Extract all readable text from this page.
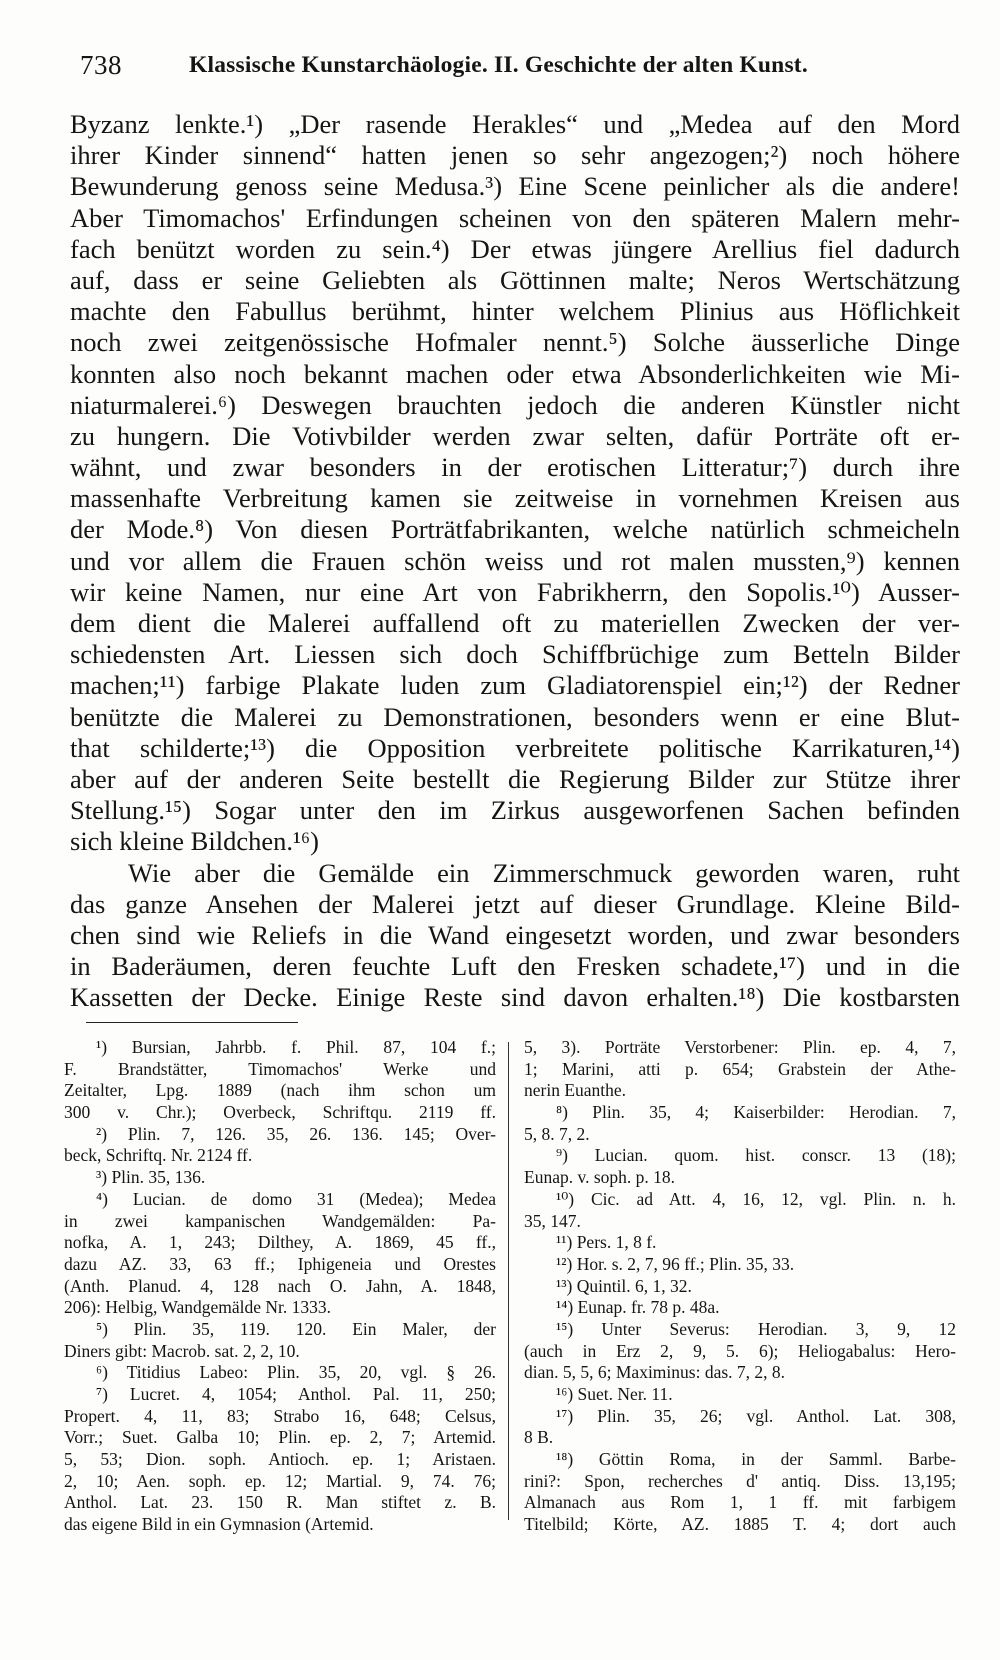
738	Klassische Kunstarchäologie. II. Geschichte der alten Kunst.
Byzanz lenkte.¹) „Der rasende Herakles“ und „Medea auf den Mord
ihrer Kinder sinnend“ hatten jenen so sehr angezogen;²) noch höhere
Bewunderung genoss seine Medusa.³) Eine Scene peinlicher als die andere!
Aber Timomachos' Erfindungen scheinen von den späteren Malern mehr-
fach benützt worden zu sein.⁴) Der etwas jüngere Arellius fiel dadurch
auf, dass er seine Geliebten als Göttinnen malte; Neros Wertschätzung
machte den Fabullus berühmt, hinter welchem Plinius aus Höflichkeit
noch zwei zeitgenössische Hofmaler nennt.⁵) Solche äusserliche Dinge
konnten also noch bekannt machen oder etwa Absonderlichkeiten wie Mi-
niaturmalerei.⁶) Deswegen brauchten jedoch die anderen Künstler nicht
zu hungern. Die Votivbilder werden zwar selten, dafür Porträte oft er-
wähnt, und zwar besonders in der erotischen Litteratur;⁷) durch ihre
massenhafte Verbreitung kamen sie zeitweise in vornehmen Kreisen aus
der Mode.⁸) Von diesen Porträtfabrikanten, welche natürlich schmeicheln
und vor allem die Frauen schön weiss und rot malen mussten,⁹) kennen
wir keine Namen, nur eine Art von Fabrikherrn, den Sopolis.¹⁰) Ausser-
dem dient die Malerei auffallend oft zu materiellen Zwecken der ver-
schiedensten Art. Liessen sich doch Schiffbrüchige zum Betteln Bilder
machen;¹¹) farbige Plakate luden zum Gladiatorenspiel ein;¹²) der Redner
benützte die Malerei zu Demonstrationen, besonders wenn er eine Blut-
that schilderte;¹³) die Opposition verbreitete politische Karrikaturen,¹⁴)
aber auf der anderen Seite bestellt die Regierung Bilder zur Stütze ihrer
Stellung.¹⁵) Sogar unter den im Zirkus ausgeworfenen Sachen befinden
sich kleine Bildchen.¹⁶)
Wie aber die Gemälde ein Zimmerschmuck geworden waren, ruht
das ganze Ansehen der Malerei jetzt auf dieser Grundlage. Kleine Bild-
chen sind wie Reliefs in die Wand eingesetzt worden, und zwar besonders
in Baderäumen, deren feuchte Luft den Fresken schadete,¹⁷) und in die
Kassetten der Decke. Einige Reste sind davon erhalten.¹⁸) Die kostbarsten
¹) Bursian, Jahrbb. f. Phil. 87, 104 f.;
F. Brandstätter, Timomachos' Werke und
Zeitalter, Lpg. 1889 (nach ihm schon um
300 v. Chr.); Overbeck, Schriftqu. 2119 ff.
²) Plin. 7, 126. 35, 26. 136. 145; Over-
beck, Schriftq. Nr. 2124 ff.
³) Plin. 35, 136.
⁴) Lucian. de domo 31 (Medea); Medea
in zwei kampanischen Wandgemälden: Pa-
nofka, A. 1, 243; Dilthey, A. 1869, 45 ff.,
dazu AZ. 33, 63 ff.; Iphigeneia und Orestes
(Anth. Planud. 4, 128 nach O. Jahn, A. 1848,
206): Helbig, Wandgemälde Nr. 1333.
⁵) Plin. 35, 119. 120. Ein Maler, der
Diners gibt: Macrob. sat. 2, 2, 10.
⁶) Titidius Labeo: Plin. 35, 20, vgl. § 26.
⁷) Lucret. 4, 1054; Anthol. Pal. 11, 250;
Propert. 4, 11, 83; Strabo 16, 648; Celsus,
Vorr.; Suet. Galba 10; Plin. ep. 2, 7; Artemid.
5, 53; Dion. soph. Antioch. ep. 1; Aristaen.
2, 10; Aen. soph. ep. 12; Martial. 9, 74. 76;
Anthol. Lat. 23. 150 R. Man stiftet z. B.
das eigene Bild in ein Gymnasion (Artemid.
5, 3). Porträte Verstorbener: Plin. ep. 4, 7,
1; Marini, atti p. 654; Grabstein der Athe-
nerin Euanthe.
⁸) Plin. 35, 4; Kaiserbilder: Herodian. 7,
5, 8. 7, 2.
⁹) Lucian. quom. hist. conscr. 13 (18);
Eunap. v. soph. p. 18.
¹⁰) Cic. ad Att. 4, 16, 12, vgl. Plin. n. h.
35, 147.
¹¹) Pers. 1, 8 f.
¹²) Hor. s. 2, 7, 96 ff.; Plin. 35, 33.
¹³) Quintil. 6, 1, 32.
¹⁴) Eunap. fr. 78 p. 48a.
¹⁵) Unter Severus: Herodian. 3, 9, 12
(auch in Erz 2, 9, 5. 6); Heliogabalus: Hero-
dian. 5, 5, 6; Maximinus: das. 7, 2, 8.
¹⁶) Suet. Ner. 11.
¹⁷) Plin. 35, 26; vgl. Anthol. Lat. 308,
8 B.
¹⁸) Göttin Roma, in der Samml. Barbe-
rini?: Spon, recherches d' antiq. Diss. 13,195;
Almanach aus Rom 1, 1 ff. mit farbigem
Titelbild; Körte, AZ. 1885 T. 4; dort auch
